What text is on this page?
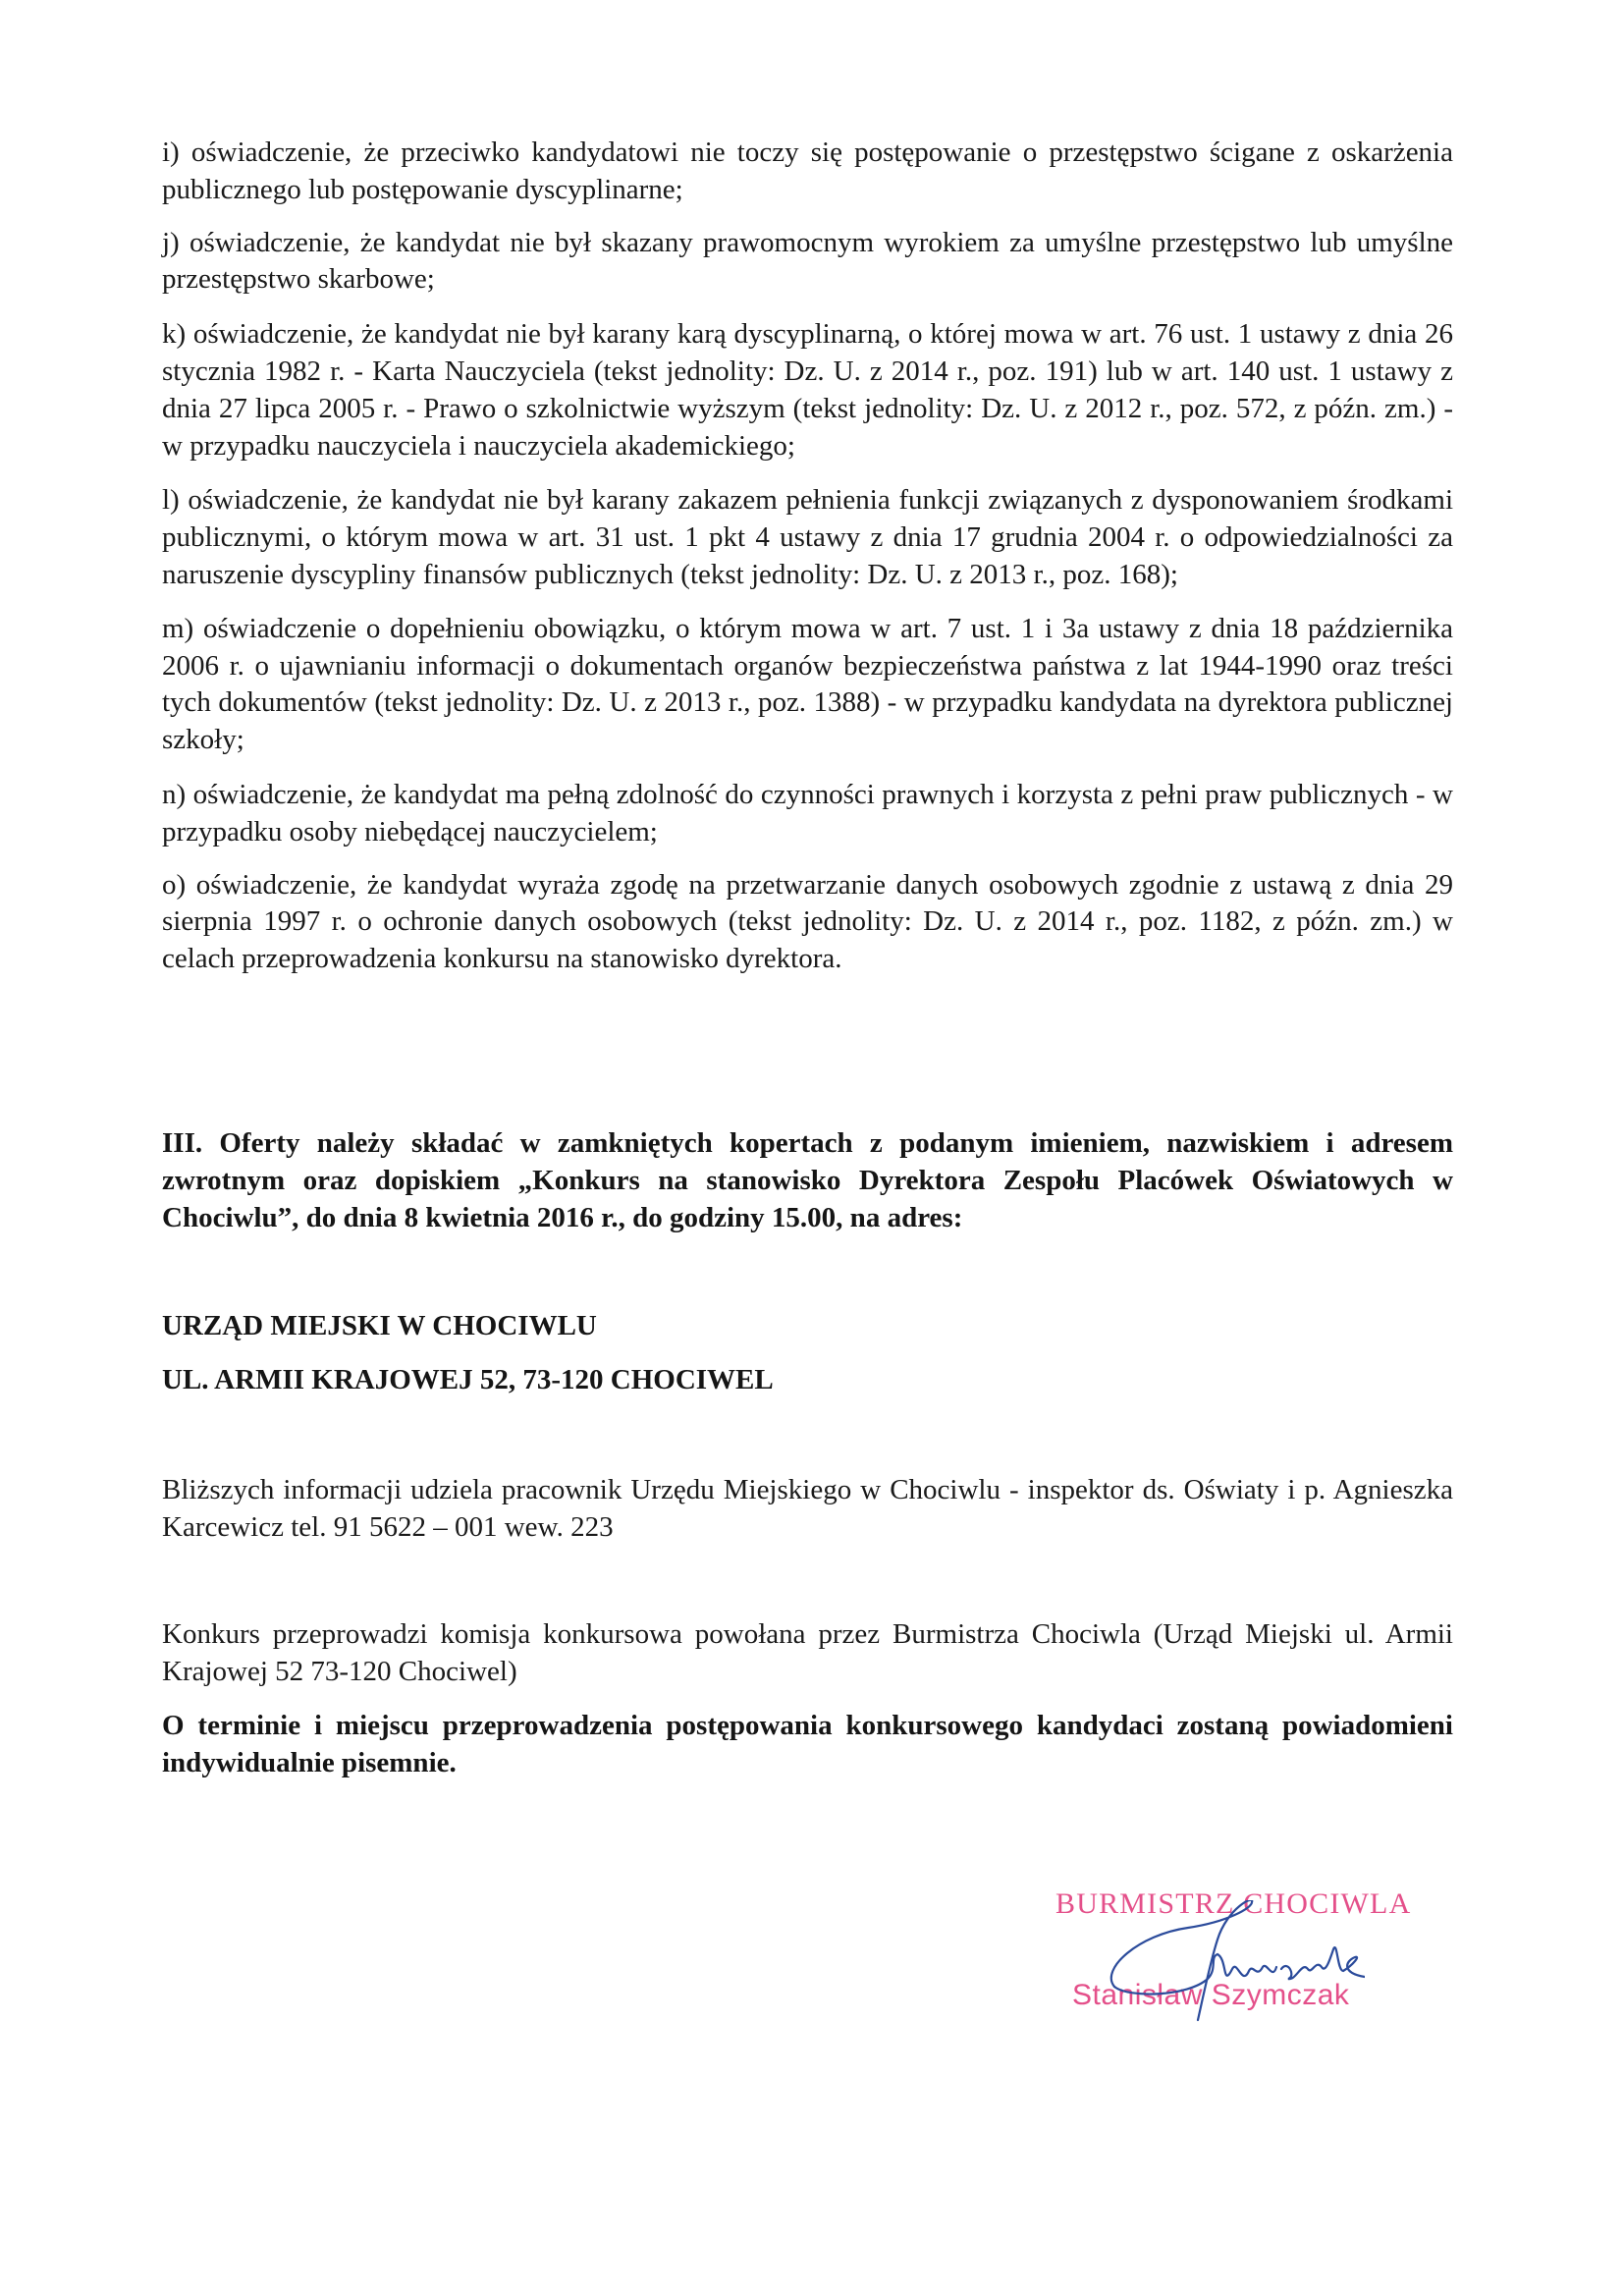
i) oświadczenie, że przeciwko kandydatowi nie toczy się postępowanie o przestępstwo ścigane z oskarżenia publicznego lub postępowanie dyscyplinarne;

j) oświadczenie, że kandydat nie był skazany prawomocnym wyrokiem za umyślne przestępstwo lub umyślne przestępstwo skarbowe;

k) oświadczenie, że kandydat nie był karany karą dyscyplinarną, o której mowa w art. 76 ust. 1 ustawy z dnia 26 stycznia 1982 r. - Karta Nauczyciela (tekst jednolity: Dz. U. z 2014 r., poz. 191) lub w art. 140 ust. 1 ustawy z dnia 27 lipca 2005 r. - Prawo o szkolnictwie wyższym (tekst jednolity: Dz. U. z 2012 r., poz. 572, z późn. zm.) - w przypadku nauczyciela i nauczyciela akademickiego;

l) oświadczenie, że kandydat nie był karany zakazem pełnienia funkcji związanych z dysponowaniem środkami publicznymi, o którym mowa w art. 31 ust. 1 pkt 4 ustawy z dnia 17 grudnia 2004 r. o odpowiedzialności za naruszenie dyscypliny finansów publicznych (tekst jednolity: Dz. U. z 2013 r., poz. 168);

m) oświadczenie o dopełnieniu obowiązku, o którym mowa w art. 7 ust. 1 i 3a ustawy z dnia 18 października 2006 r. o ujawnianiu informacji o dokumentach organów bezpieczeństwa państwa z lat 1944-1990 oraz treści tych dokumentów (tekst jednolity: Dz. U. z 2013 r., poz. 1388) - w przypadku kandydata na dyrektora publicznej szkoły;

n) oświadczenie, że kandydat ma pełną zdolność do czynności prawnych i korzysta z pełni praw publicznych - w przypadku osoby niebędącej nauczycielem;

o) oświadczenie, że kandydat wyraża zgodę na przetwarzanie danych osobowych zgodnie z ustawą z dnia 29 sierpnia 1997 r. o ochronie danych osobowych (tekst jednolity: Dz. U. z 2014 r., poz. 1182, z późn. zm.) w celach przeprowadzenia konkursu na stanowisko dyrektora.

III. Oferty należy składać w zamkniętych kopertach z podanym imieniem, nazwiskiem i adresem zwrotnym oraz dopiskiem „Konkurs na stanowisko Dyrektora Zespołu Placówek Oświatowych w Chociwlu”, do dnia 8 kwietnia 2016 r., do godziny 15.00, na adres:

URZĄD MIEJSKI W CHOCIWLU
UL. ARMII KRAJOWEJ 52, 73-120 CHOCIWEL

Bliższych informacji udziela pracownik Urzędu Miejskiego w Chociwlu - inspektor ds. Oświaty i p. Agnieszka Karcewicz tel. 91 5622 – 001 wew. 223

Konkurs przeprowadzi komisja konkursowa powołana przez Burmistrza Chociwla (Urząd Miejski ul. Armii Krajowej 52 73-120 Chociwel)

O terminie i miejscu przeprowadzenia postępowania konkursowego kandydaci zostaną powiadomieni indywidualnie pisemnie.

BURMISTRZ CHOCIWLA
Stanisław Szymczak
